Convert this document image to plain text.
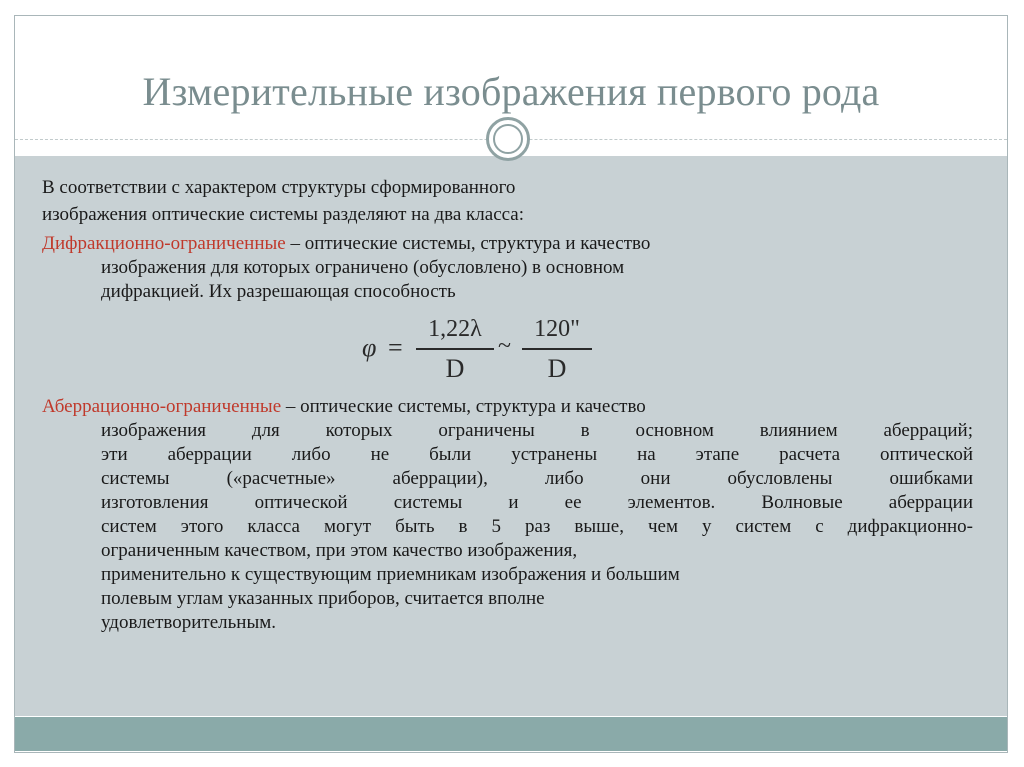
Измерительные изображения первого рода
В соответствии с характером структуры сформированного
изображения оптические системы разделяют на два класса:
Дифракционно-ограниченные – оптические системы, структура и качество
изображения для которых ограничено (обусловлено) в основном
дифракцией. Их разрешающая способность
φ =
1,22λ
D
~
120"
D
Аберрационно-ограниченные – оптические системы, структура и качество
изображения для которых ограничены в основном влиянием аберраций;
эти аберрации либо не были устранены на этапе расчета оптической
системы («расчетные» аберрации), либо они обусловлены ошибками
изготовления оптической системы и ее элементов. Волновые аберрации
систем этого класса могут быть в 5 раз выше, чем у систем с дифракционно-
ограниченным качеством, при этом качество изображения,
применительно к существующим приемникам изображения и большим
полевым углам указанных приборов, считается вполне
удовлетворительным.
